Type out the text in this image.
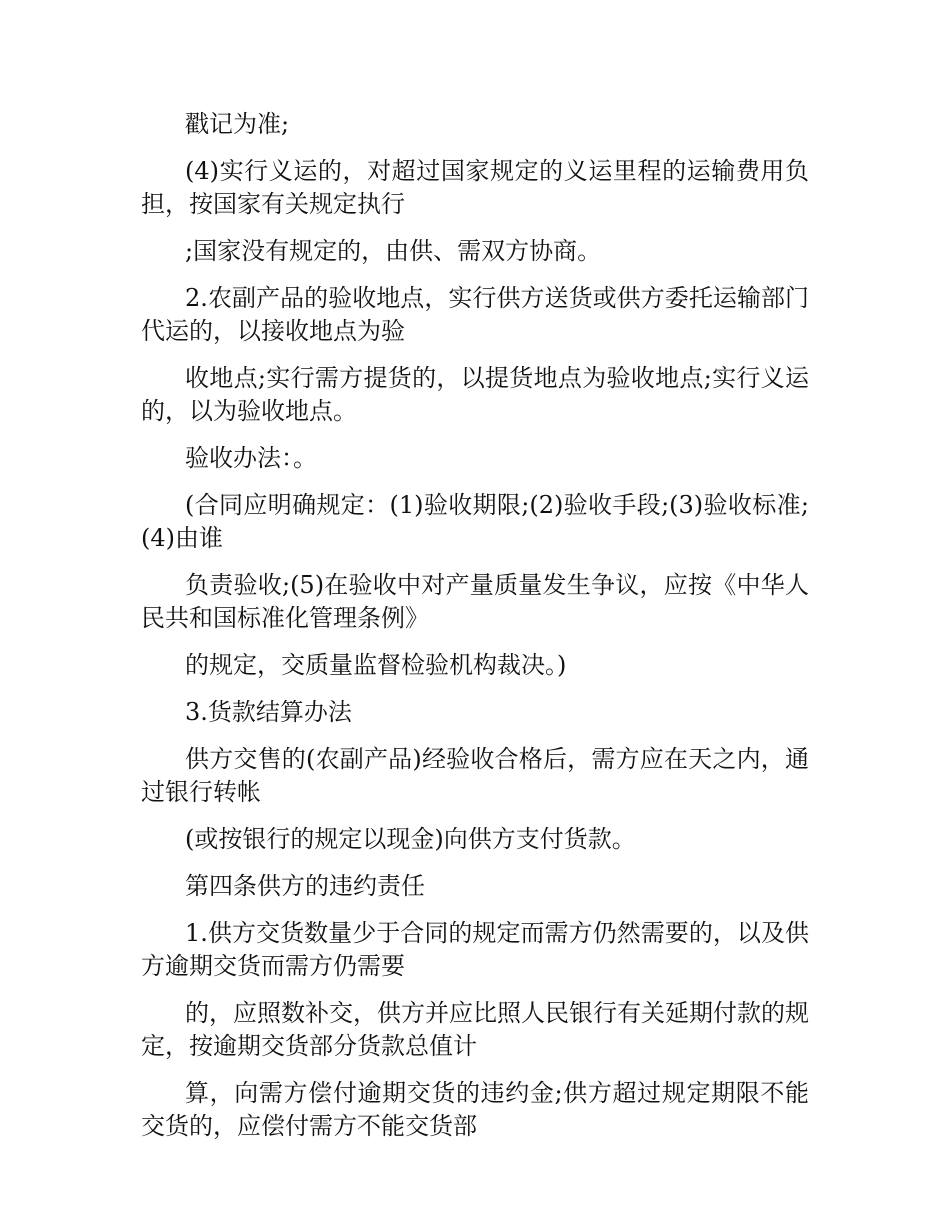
戳记为准;

(4)实行义运的，对超过国家规定的义运里程的运输费用负担，按国家有关规定执行

;国家没有规定的，由供、需双方协商。

2.农副产品的验收地点，实行供方送货或供方委托运输部门代运的，以接收地点为验

收地点;实行需方提货的，以提货地点为验收地点;实行义运的，以为验收地点。

验收办法：。

(合同应明确规定：(1)验收期限;(2)验收手段;(3)验收标准;(4)由谁

负责验收;(5)在验收中对产量质量发生争议，应按《中华人民共和国标准化管理条例》

的规定，交质量监督检验机构裁决。)

3.货款结算办法

供方交售的(农副产品)经验收合格后，需方应在天之内，通过银行转帐

(或按银行的规定以现金)向供方支付货款。

第四条供方的违约责任

1.供方交货数量少于合同的规定而需方仍然需要的，以及供方逾期交货而需方仍需要

的，应照数补交，供方并应比照人民银行有关延期付款的规定，按逾期交货部分货款总值计

算，向需方偿付逾期交货的违约金;供方超过规定期限不能交货的，应偿付需方不能交货部
